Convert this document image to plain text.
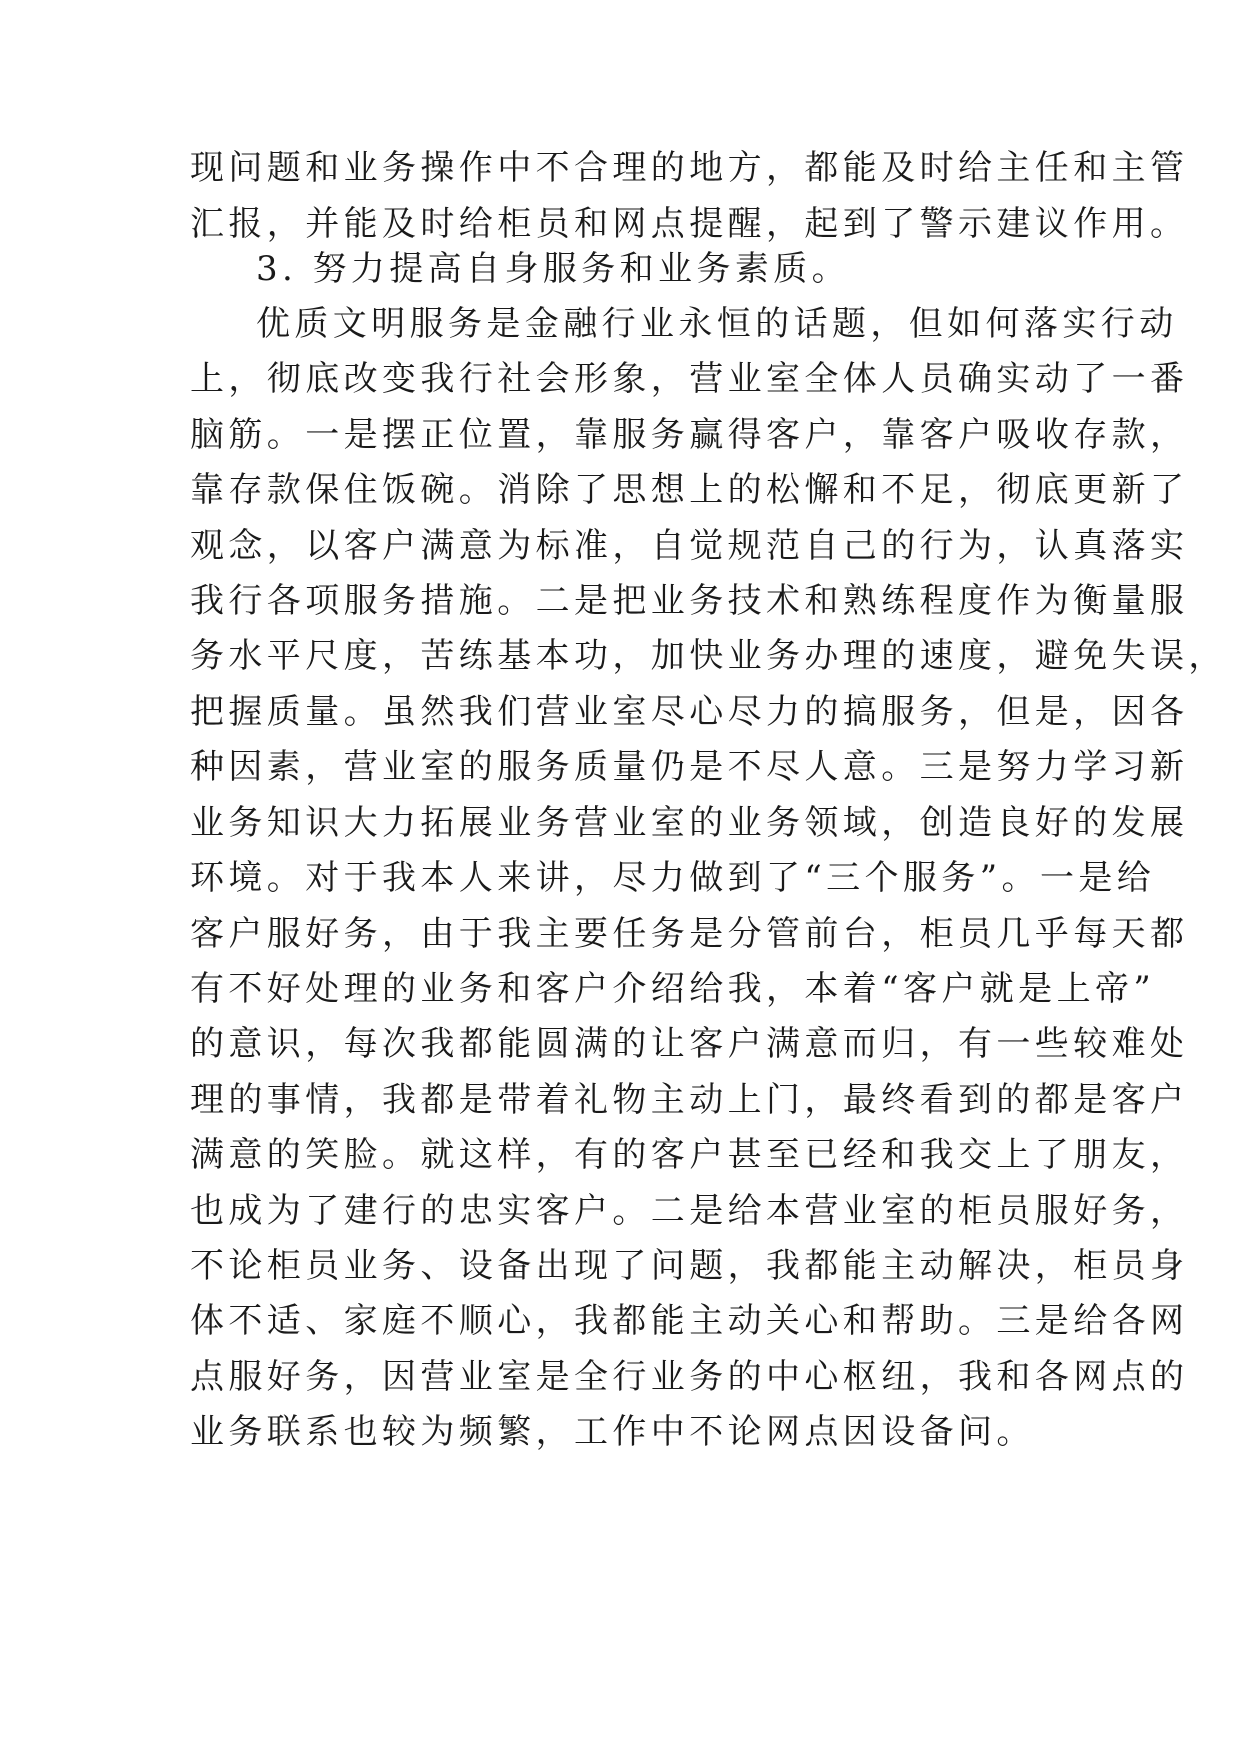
现问题和业务操作中不合理的地方，都能及时给主任和主管
汇报，并能及时给柜员和网点提醒，起到了警示建议作用。
3. 努力提高自身服务和业务素质。
优质文明服务是金融行业永恒的话题，但如何落实行动
上，彻底改变我行社会形象，营业室全体人员确实动了一番
脑筋。一是摆正位置，靠服务赢得客户，靠客户吸收存款，
靠存款保住饭碗。消除了思想上的松懈和不足，彻底更新了
观念，以客户满意为标准，自觉规范自己的行为，认真落实
我行各项服务措施。二是把业务技术和熟练程度作为衡量服
务水平尺度，苦练基本功，加快业务办理的速度，避免失误，
把握质量。虽然我们营业室尽心尽力的搞服务，但是，因各
种因素，营业室的服务质量仍是不尽人意。三是努力学习新
业务知识大力拓展业务营业室的业务领域，创造良好的发展
环境。对于我本人来讲，尽力做到了“三个服务”。一是给
客户服好务，由于我主要任务是分管前台，柜员几乎每天都
有不好处理的业务和客户介绍给我，本着“客户就是上帝”
的意识，每次我都能圆满的让客户满意而归，有一些较难处
理的事情，我都是带着礼物主动上门，最终看到的都是客户
满意的笑脸。就这样，有的客户甚至已经和我交上了朋友，
也成为了建行的忠实客户。二是给本营业室的柜员服好务，
不论柜员业务、设备出现了问题，我都能主动解决，柜员身
体不适、家庭不顺心，我都能主动关心和帮助。三是给各网
点服好务，因营业室是全行业务的中心枢纽，我和各网点的
业务联系也较为频繁，工作中不论网点因设备问。
